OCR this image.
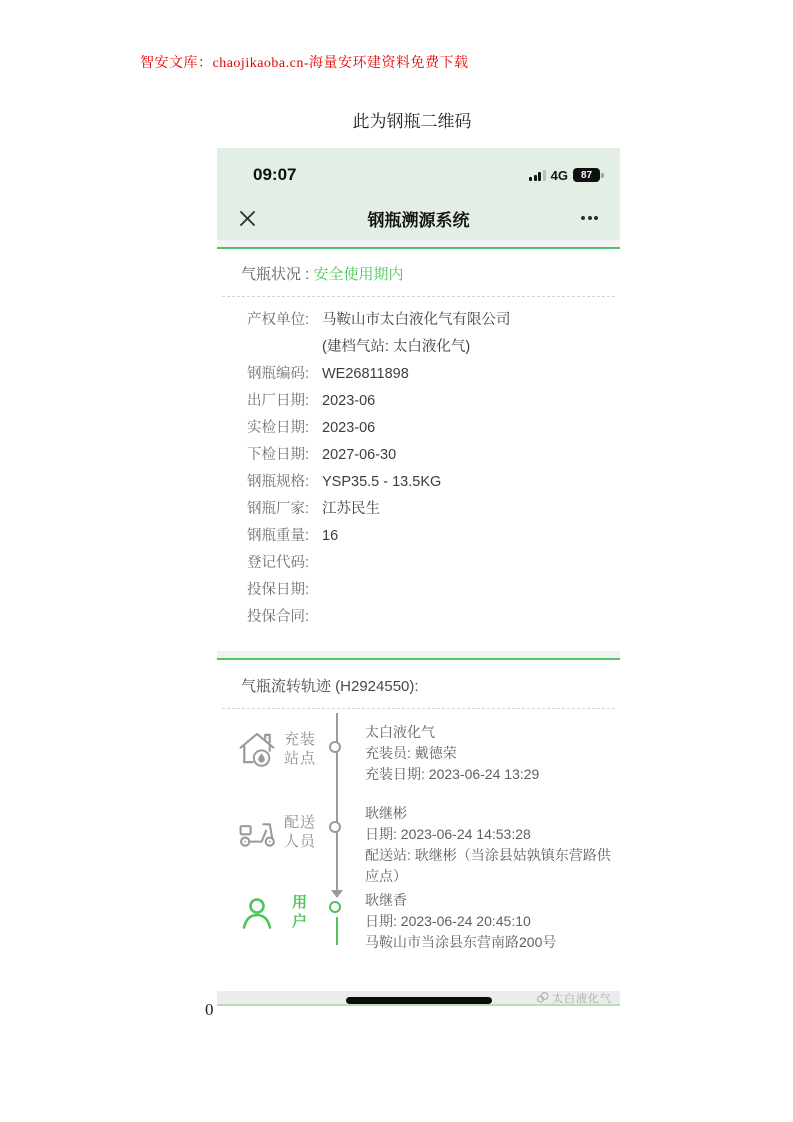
智安文库：chaojikaoba.cn-海量安环建资料免费下载
此为钢瓶二维码
09:07	4G	87
钢瓶溯源系统
气瓶状况 : 安全使用期内
产权单位: 马鞍山市太白液化气有限公司
(建档气站: 太白液化气)
钢瓶编码: WE26811898
出厂日期: 2023-06
实检日期: 2023-06
下检日期: 2027-06-30
钢瓶规格: YSP35.5 - 13.5KG
钢瓶厂家: 江苏民生
钢瓶重量: 16
登记代码:
投保日期:
投保合同:
气瓶流转轨迹 (H2924550):
充装
站点
太白液化气
充装员: 戴德荣
充装日期: 2023-06-24 13:29
配送
人员
耿继彬
日期: 2023-06-24 14:53:28
配送站: 耿继彬（当涂县姑孰镇东营路供应点）
用
户
耿继香
日期: 2023-06-24 20:45:10
马鞍山市当涂县东营南路200号
太白液化气
0
